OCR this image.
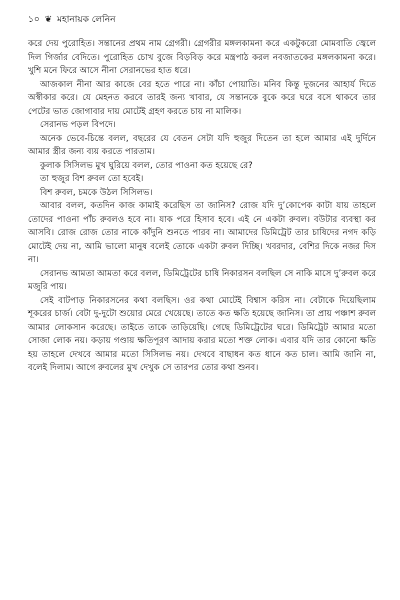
১০ ❦ মহানায়ক লেনিন

করে দেয় পুরোহিত। সন্তানের প্রথম নাম গ্রেগরী। গ্রেগরীর মঙ্গলকামনা করে একটুকরো মোমবাতি জ্বেলে দিল গির্জার বেদিতে। পুরোহিত চোখ বুজে বিড়বিড় করে মন্ত্রপাঠ করল নবজাতকের মঙ্গলকামনা করে। খুশি মনে ফিরে আসে নীনা সেরানভের হাত ধরে।

আজকাল নীনা আর কাজে বের হতে পারে না। কাঁচা পোয়াতি। মনিব কিন্তু দুজনের আহার্য দিতে অস্বীকার করে। যে মেহনত করবে তারই জন্য খাবার, যে সন্তানকে বুকে করে ঘরে বসে থাকবে তার পেটের ভাত জোগাবার দায় মোটেই গ্রহণ করতে চায় না মালিক।

সেরানভ পড়ল বিপদে।

অনেক ভেবে-চিন্তে বলল, বছরের যে বেতন সেটা যদি হুজুর দিতেন তা হলে আমার এই দুর্দিনে আমার স্ত্রীর জন্য ব্যয় করতে পারতাম।

কুলাক সিসিলভ মুখ ঘুরিয়ে বলল, তোর পাওনা কত হয়েছে রে?

তা হুজুর বিশ রুবল তো হবেই।

বিশ রুবল, চমকে উঠল সিসিলভ।

আবার বলল, কতদিন কাজ কামাই করেছিস তা জানিস? রোজ যদি দু’কোপেক কাটা যায় তাহলে তোদের পাওনা পাঁচ রুবলও হবে না। যাক পরে হিসাব হবে। এই নে একটা রুবল। বউটার ব্যবস্থা কর আসবি। রোজ রোজ তোর নাকে কাঁদুনি শুনতে পারব না। আমাদের ডিমিট্রেট তার চাষিদের নগদ কড়ি মোটেই দেয় না, আমি ভালো মানুষ বলেই তোকে একটা রুবল দিচ্ছি। খবরদার, বেশির দিকে নজর দিস না।

সেরানভ আমতা আমতা করে বলল, ডিমিট্রেটের চাষি নিকারসন বলছিল সে নাকি মাসে দু’রুবল করে মজুরি পায়।

সেই বাটপাড় নিকারসনের কথা বলছিস। ওর কথা মোটেই বিশ্বাস করিস না। বেটাকে দিয়েছিলাম শূকরের চার্জ। বেটা দু-দুটো শুয়োর মেরে খেয়েছে। তাতে কত ক্ষতি হয়েছে জানিস। তা প্রায় পঞ্চাশ রুবল আমার লোকসান করেছে। তাইতে তাকে তাড়িয়েছি। গেছে ডিমিট্রেটের ঘরে। ডিমিট্রেট আমার মতো সোজা লোক নয়। কড়ায় গণ্ডায় ক্ষতিপূরণ আদায় করার মতো শক্ত লোক। এবার যদি তার কোনো ক্ষতি হয় তাহলে দেখবে আমার মতো সিসিলভ নয়। দেখবে বাছাধন কত ধানে কত চাল। আমি জানি না, বলেই দিলাম। আগে রুবলের মুখ দেখুক সে তারপর তোর কথা শুনব।
